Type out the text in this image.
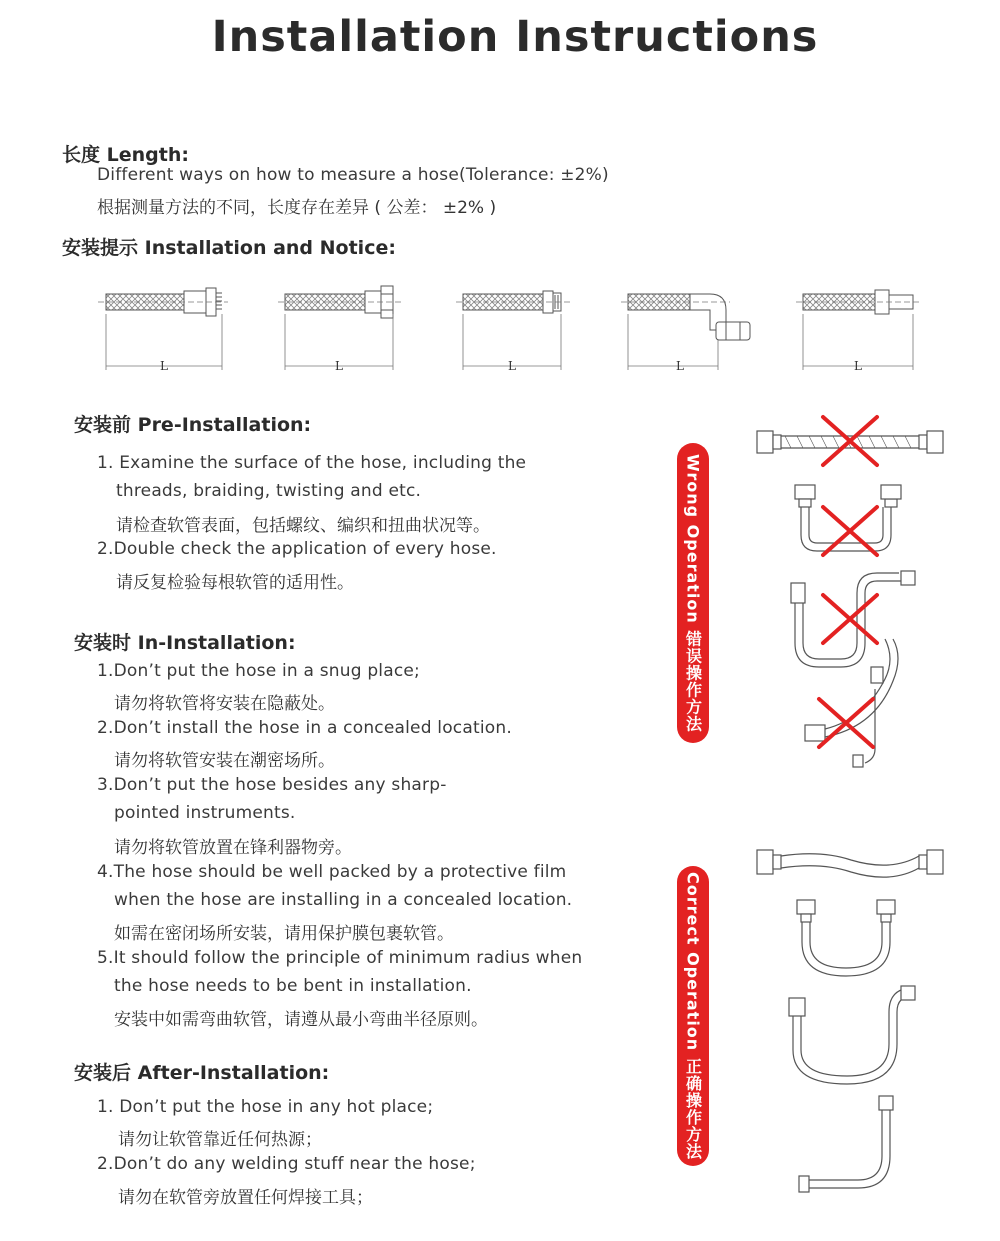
Installation Instructions
长度 Length:
Different ways on how to measure a hose(Tolerance: ±2%)
根据测量方法的不同，长度存在差异 ( 公差： ±2% )
安装提示 Installation and Notice:
L	L	L	L	L
安装前 Pre-Installation:
1. Examine the surface of the hose, including the
threads, braiding, twisting and etc.
请检查软管表面，包括螺纹、编织和扭曲状况等。
2.Double check the application of every hose.
请反复检验每根软管的适用性。
安装时 In-Installation:
1.Don’t put the hose in a snug place;
请勿将软管将安装在隐蔽处。
2.Don’t install the hose in a concealed location.
请勿将软管安装在潮密场所。
3.Don’t put the hose besides any sharp-
pointed instruments.
请勿将软管放置在锋利器物旁。
4.The hose should be well packed by a protective film
when the hose are installing in a concealed location.
如需在密闭场所安装，请用保护膜包裹软管。
5.It should follow the principle of minimum radius when
the hose needs to be bent in installation.
安装中如需弯曲软管，请遵从最小弯曲半径原则。
安装后 After-Installation:
1. Don’t put the hose in any hot place;
请勿让软管靠近任何热源；
2.Don’t do any welding stuff near the hose;
请勿在软管旁放置任何焊接工具；
Wrong Operation 错误操作方法
Correct Operation 正确操作方法
